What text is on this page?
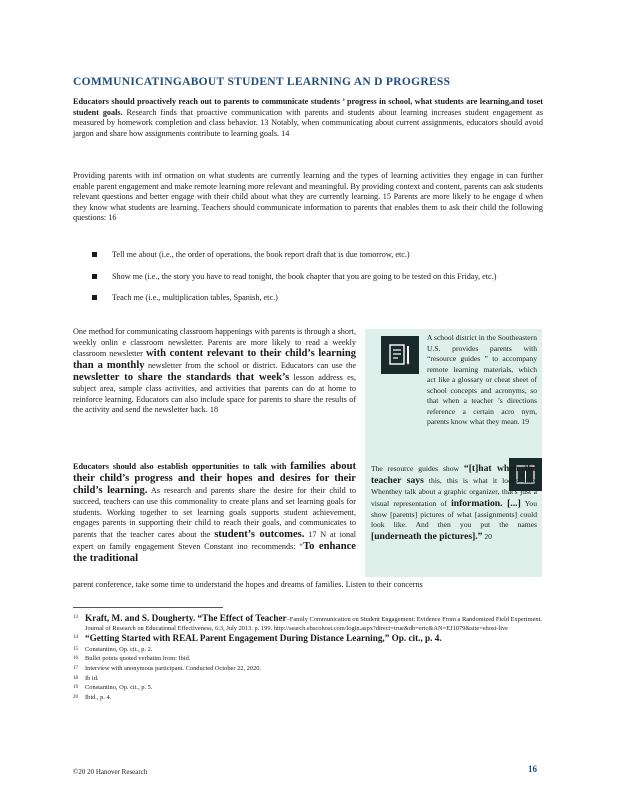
COMMUNICATINGABOUT STUDENT LEARNING AN D PROGRESS
Educators should proactively reach out to parents to communicate students ’ progress in school, what students are learning,and toset student goals. Research finds that proactive communication with parents and students about learning increases student engagement as measured by homework completion and class behavior. 13 Notably, when communicating about current assignments, educators should avoid jargon and share how assignments contribute to learning goals. 14
Providing parents with inf ormation on what students are currently learning and the types of learning activities they engage in can further enable parent engagement and make remote learning more relevant and meaningful. By providing context and content, parents can ask students relevant questions and better engage with their child about what they are currently learning. 15 Parents are more likely to be engage d when they know what students are learning. Teachers should communicate information to parents that enables them to ask their child the following questions: 16
Tell me about (i.e., the order of operations, the book report draft that is due tomorrow, etc.)
Show me (i.e., the story you have to read tonight, the book chapter that you are going to be tested on this Friday, etc.)
Teach me (i.e., multiplication tables, Spanish, etc.)
One method for communicating classroom happenings with parents is through a short, weekly onlin e classroom newsletter. Parents are more likely to read a weekly classroom newsletter with content relevant to their child’s learning than a monthly newsletter from the school or district. Educators can use the newsletter to share the standards that week’s lesson address es, subject area, sample class activities, and activities that parents can do at home to reinforce learning. Educators can also include space for parents to share the results of the activity and send the newsletter back. 18
Educators should also establish opportunities to talk with families about their child’s progress and their hopes and desires for their child’s learning. As research and parents share the desire for their child to succeed, teachers can use this commonality to create plans and set learning goals for students. Working together to set learning goals supports student achievement, engages parents in supporting their child to reach their goals, and communicates to parents that the teacher cares about the student’s outcomes. 17 N at ional expert on family engagement Steven Constant ino recommends: “To enhance the traditional
parent conference, take some time to understand the hopes and dreams of families. Listen to their concerns
A school district in the Southeastern U.S. provides parents with “resource guides ” to accompany remote learning materials, which act like a glossary or cheat sheet of school concepts and acronyms, so that when a teacher ’s directions reference a certain acro nym, parents know what they mean. 19
The resource guides show “[t]hat when the teacher says this, this is what it looks like. Whenthey talk about a graphic organizer, that's just a visual representation of information. [...] You show [parents] pictures of what [assignments] could look like. And then you put the names [underneath the pictures].” 20
13 Kraft, M. and S. Dougherty. “The Effect of Teacher–Family Communication on Student Engagement: Evidence From a Randomized Field Experiment. Journal of Research on Educational Effectiveness, 6:3, July 2013. p. 199. http://search.ebscohost.com/login.aspx?direct=true&db=eric&AN=EJ1079&site=ehost-live
14 “Getting Started with REAL Parent Engagement During Distance Learning,” Op. cit., p. 4.
15 Constantino, Op. cit., p. 2.
16 Bullet points quoted verbatim from: Ibid.
17 Interview with anonymous participant. Conducted October 22, 2020.
18 Ib id.
19 Constantino, Op. cit., p. 5.
20 Ibid., p. 4.
©20 20 Hanover Research	16
